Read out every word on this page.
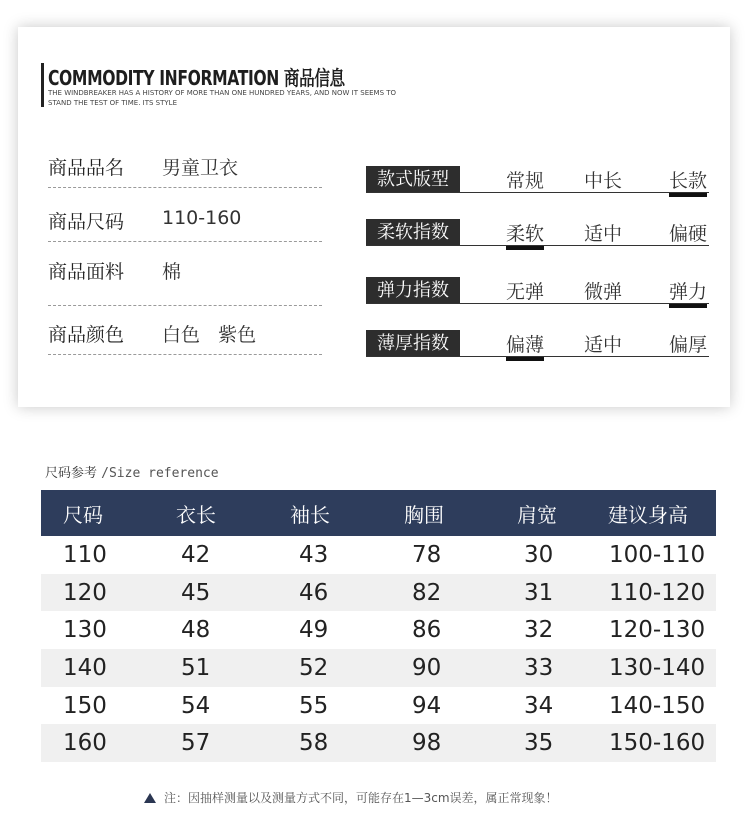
COMMODITY INFORMATION 商品信息
THE WINDBREAKER HAS A HISTORY OF MORE THAN ONE HUNDRED YEARS, AND NOW IT SEEMS TO
STAND THE TEST OF TIME. ITS STYLE
商品品名 男童卫衣
商品尺码 110-160
商品面料 棉
商品颜色 白色   紫色
款式版型	常规 中长 长款
柔软指数	柔软 适中 偏硬
弹力指数	无弹 微弹 弹力
薄厚指数	偏薄 适中 偏厚
尺码参考 /Size reference
尺码	衣长	袖长	胸围	肩宽	建议身高
110	42	43	78	30 100-110
120	45	46	82	31 110-120
130	48	49	86	32 120-130
140	51	52	90	33 130-140
150	54	55	94	34 140-150
160	57	58	98	35 150-160
注：因抽样测量以及测量方式不同，可能存在1—3cm误差，属正常现象！
